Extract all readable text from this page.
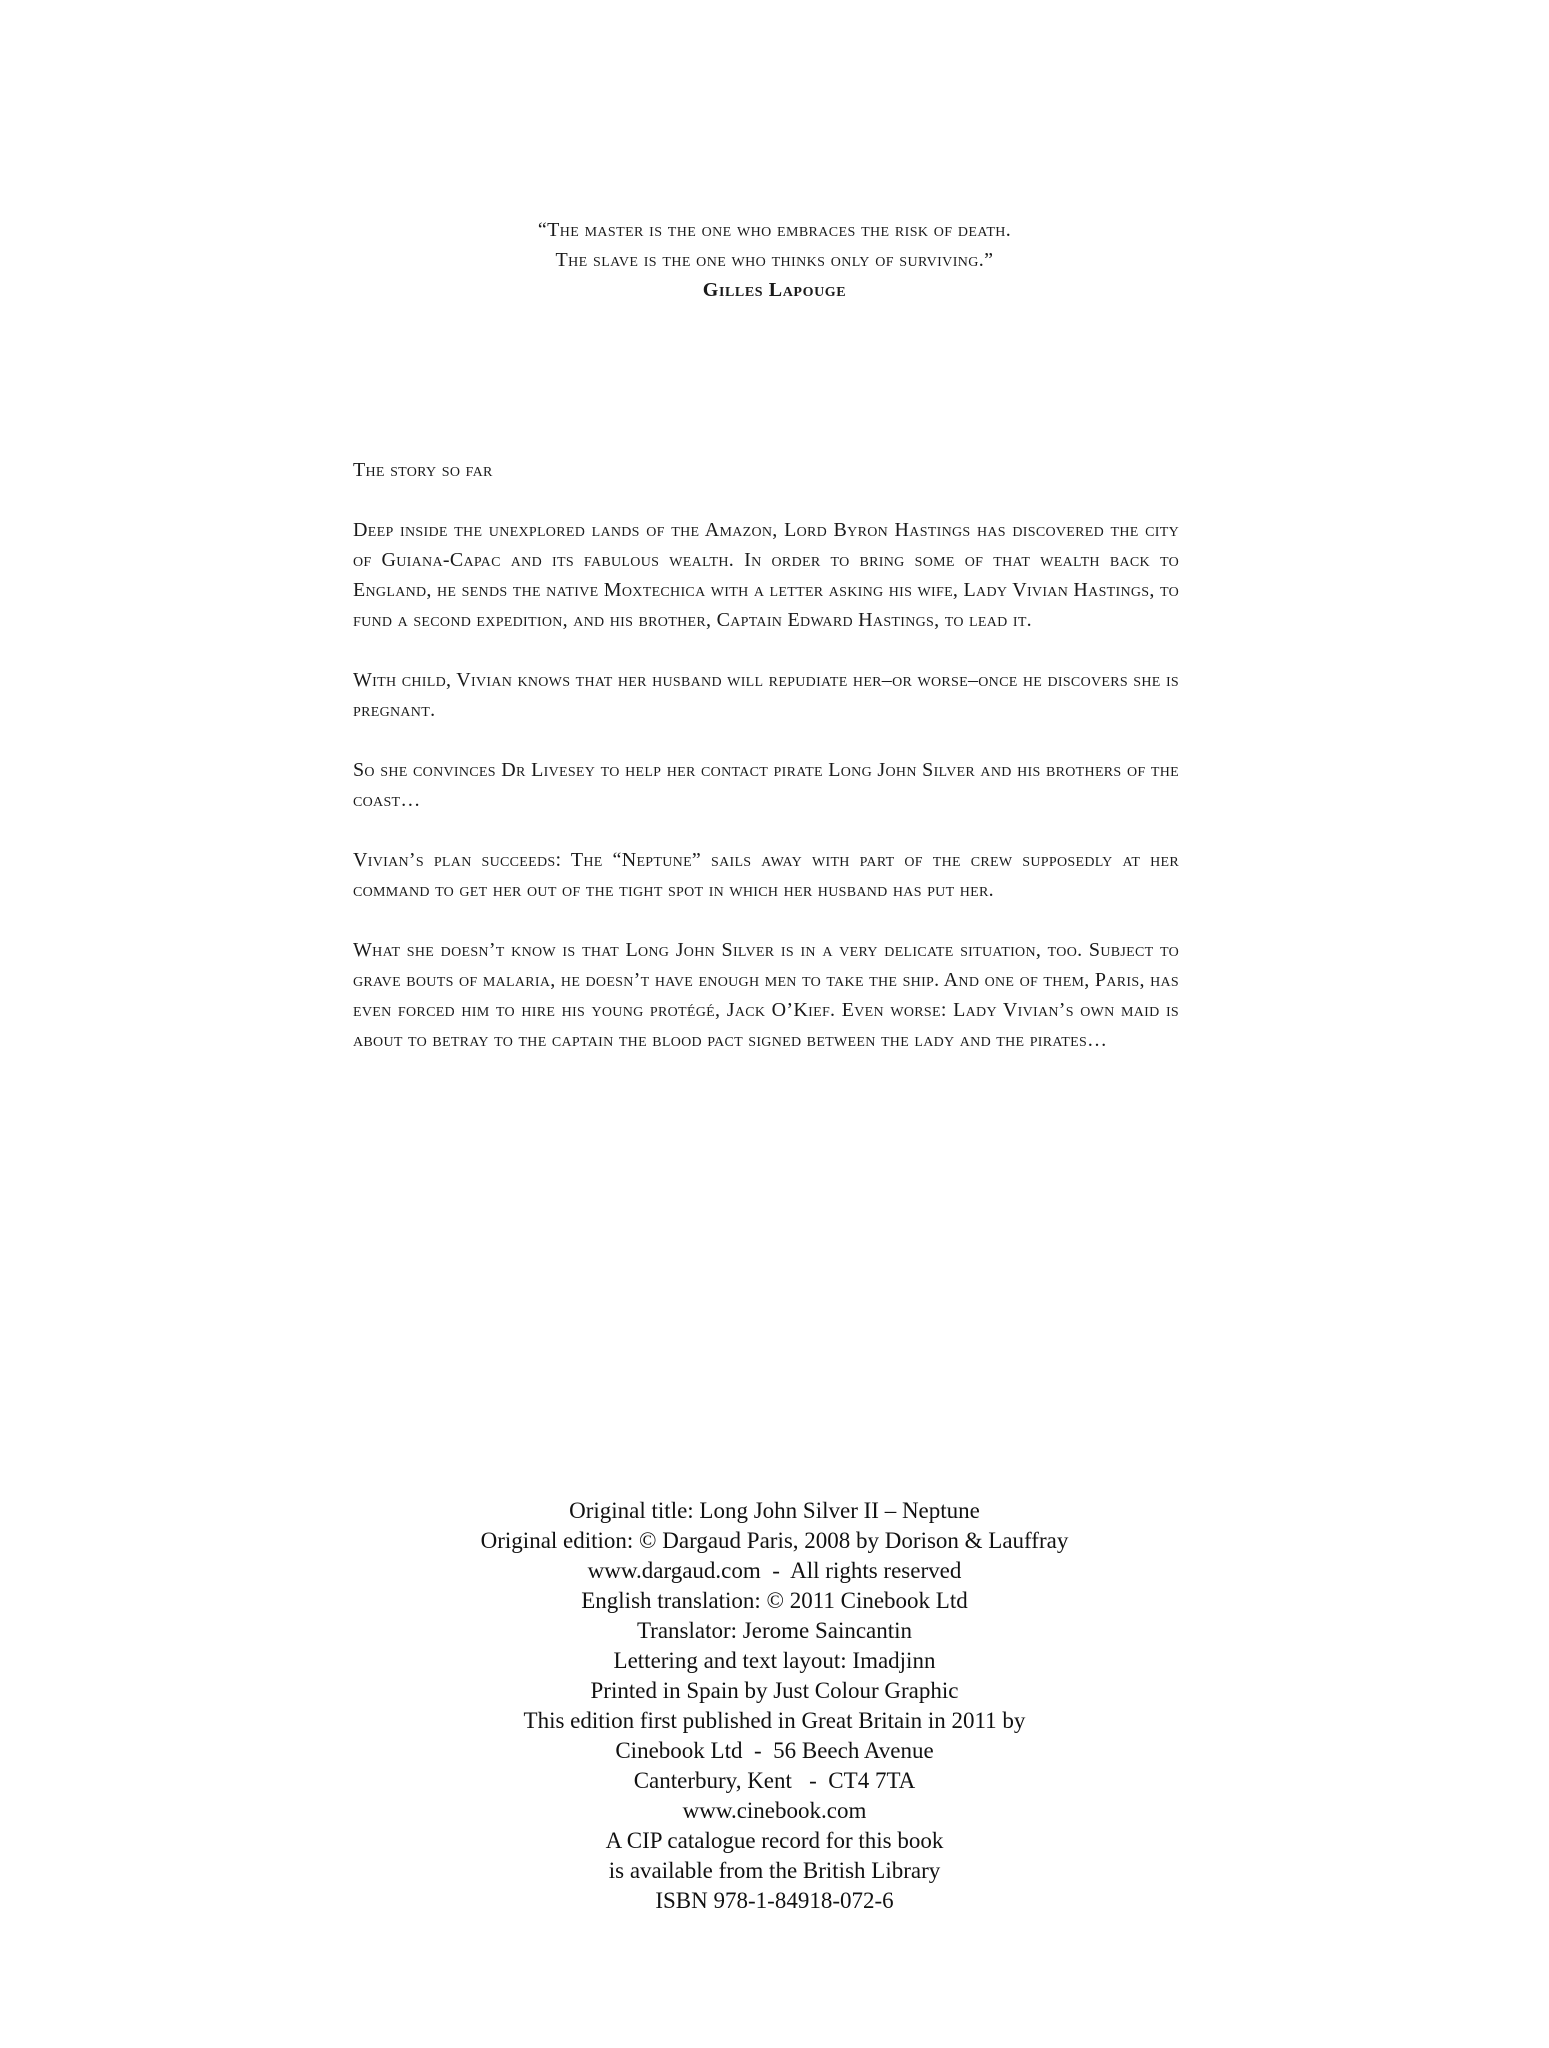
“The master is the one who embraces the risk of death.
The slave is the one who thinks only of surviving.”
Gilles Lapouge

The story so far

Deep inside the unexplored lands of the Amazon, Lord Byron Hastings has discovered the city of Guiana-Capac and its fabulous wealth. In order to bring some of that wealth back to England, he sends the native Moxtechica with a letter asking his wife, Lady Vivian Hastings, to fund a second expedition, and his brother, Captain Edward Hastings, to lead it.

With child, Vivian knows that her husband will repudiate her–or worse–once he discovers she is pregnant.

So she convinces Dr Livesey to help her contact pirate Long John Silver and his brothers of the coast…

Vivian’s plan succeeds: The “Neptune” sails away with part of the crew supposedly at her command to get her out of the tight spot in which her husband has put her.

What she doesn’t know is that Long John Silver is in a very delicate situation, too. Subject to grave bouts of malaria, he doesn’t have enough men to take the ship. And one of them, Paris, has even forced him to hire his young protégé, Jack O’Kief. Even worse: Lady Vivian’s own maid is about to betray to the captain the blood pact signed between the lady and the pirates…

Original title: Long John Silver II – Neptune
Original edition: © Dargaud Paris, 2008 by Dorison & Lauffray
www.dargaud.com  -  All rights reserved
English translation: © 2011 Cinebook Ltd
Translator: Jerome Saincantin
Lettering and text layout: Imadjinn
Printed in Spain by Just Colour Graphic
This edition first published in Great Britain in 2011 by
Cinebook Ltd  -  56 Beech Avenue
Canterbury, Kent   -  CT4 7TA
www.cinebook.com
A CIP catalogue record for this book
is available from the British Library
ISBN 978-1-84918-072-6
